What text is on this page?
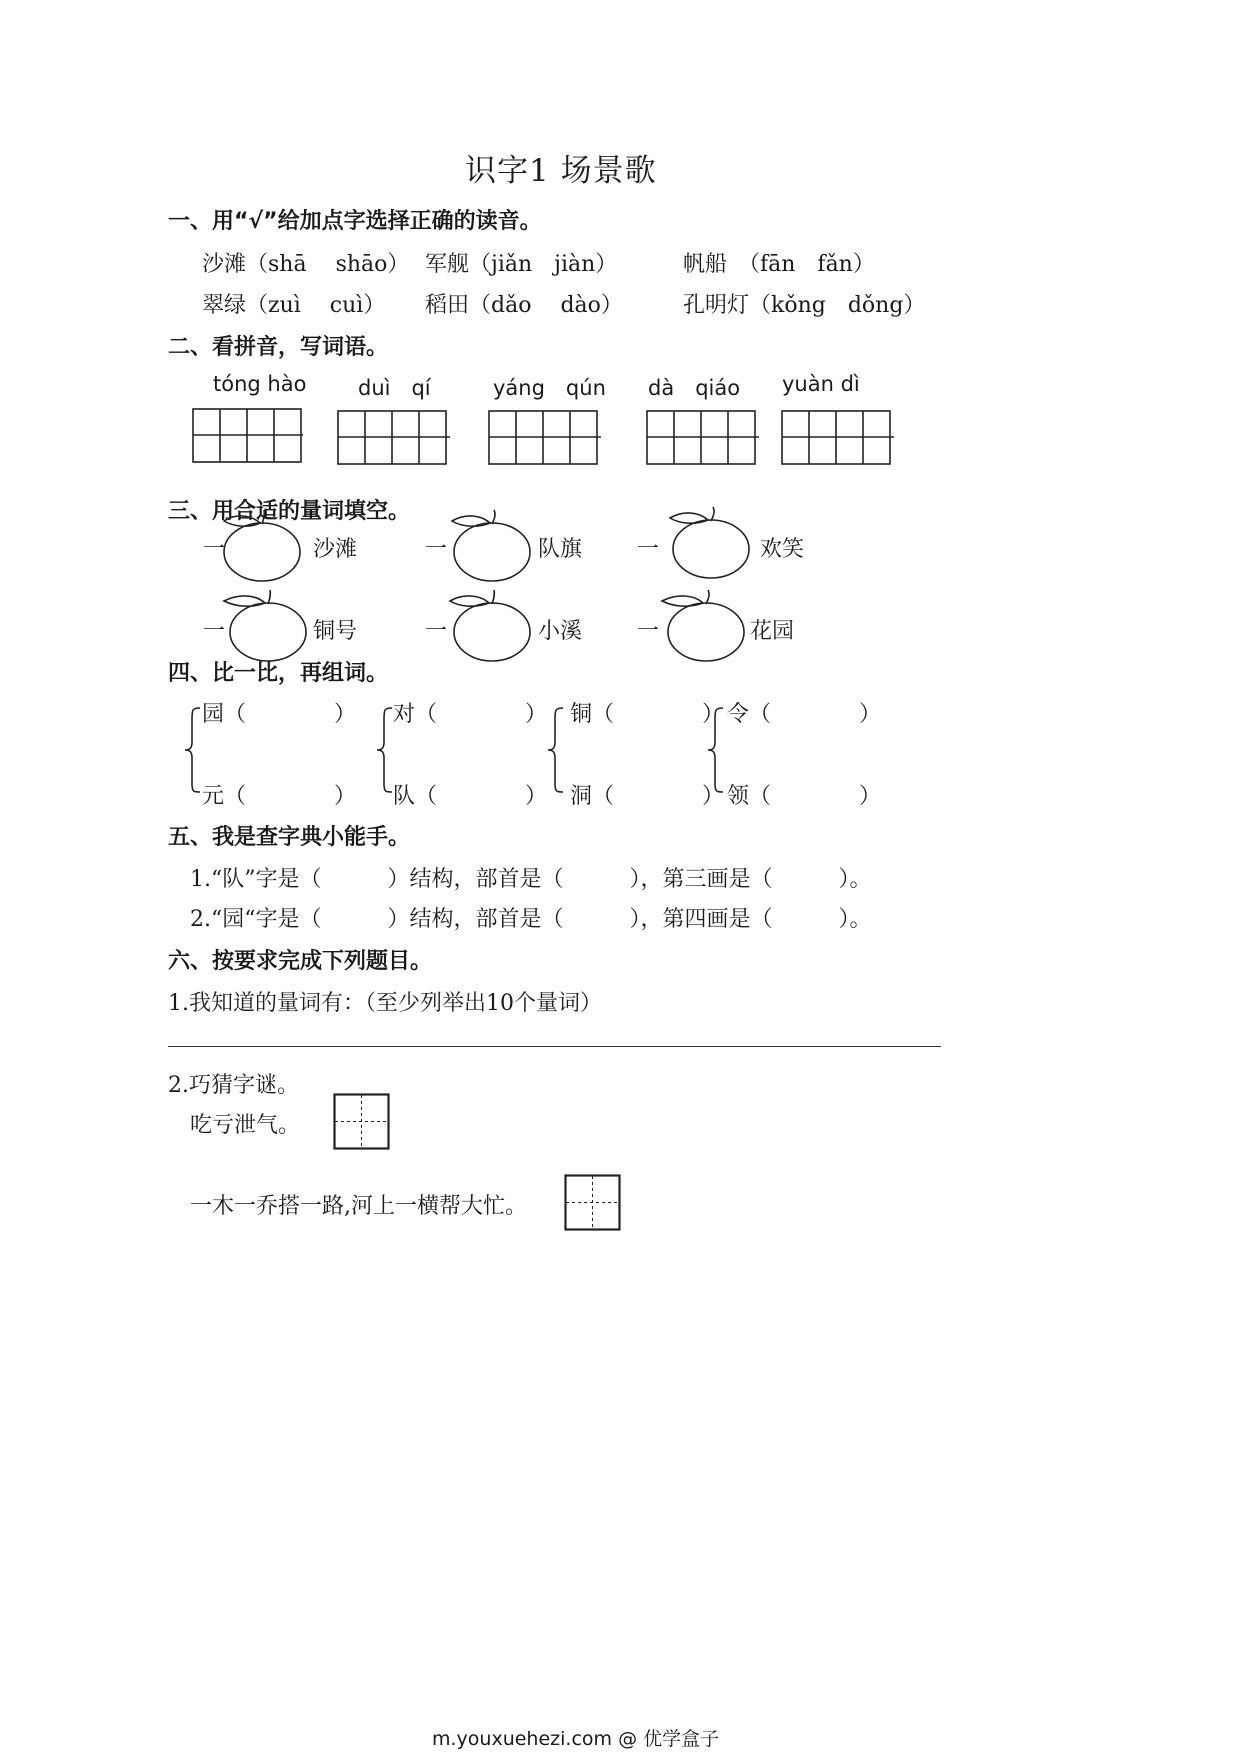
识字1 场景歌
一、用“√”给加点字选择正确的读音。
沙滩（shā　 shāo） 军舰（jiǎn　jiàn）	帆船　（fān　fǎn）
翠绿（zuì　 cuì） 稻田（dǎo　 dào）	孔明灯（kǒng　dǒng）
二、看拼音，写词语。
tóng hào duì　qí	yáng　qún dà　qiáo yuàn dì
三、用合适的量词填空。
一	沙滩	一	队旗 一	欢笑
一	铜号	一	小溪 一	花园
四、比一比，再组词。
园（　　　　）
元（　　　　）
对（　　　　）
队（　　　　）
铜（　　　　）
洞（　　　　）
令（　　　　）
领（　　　　）
五、我是查字典小能手。
1.“队”字是（　　　）结构，部首是（　　　），第三画是（　　　）。
2.“园“字是（　　　）结构，部首是（　　　），第四画是（　　　）。
六、按要求完成下列题目。
1.我知道的量词有：（至少列举出10个量词）
2.巧猜字谜。
吃亏泄气。
一木一乔搭一路,河上一横帮大忙。
m.youxuehezi.com @ 优学盒子
